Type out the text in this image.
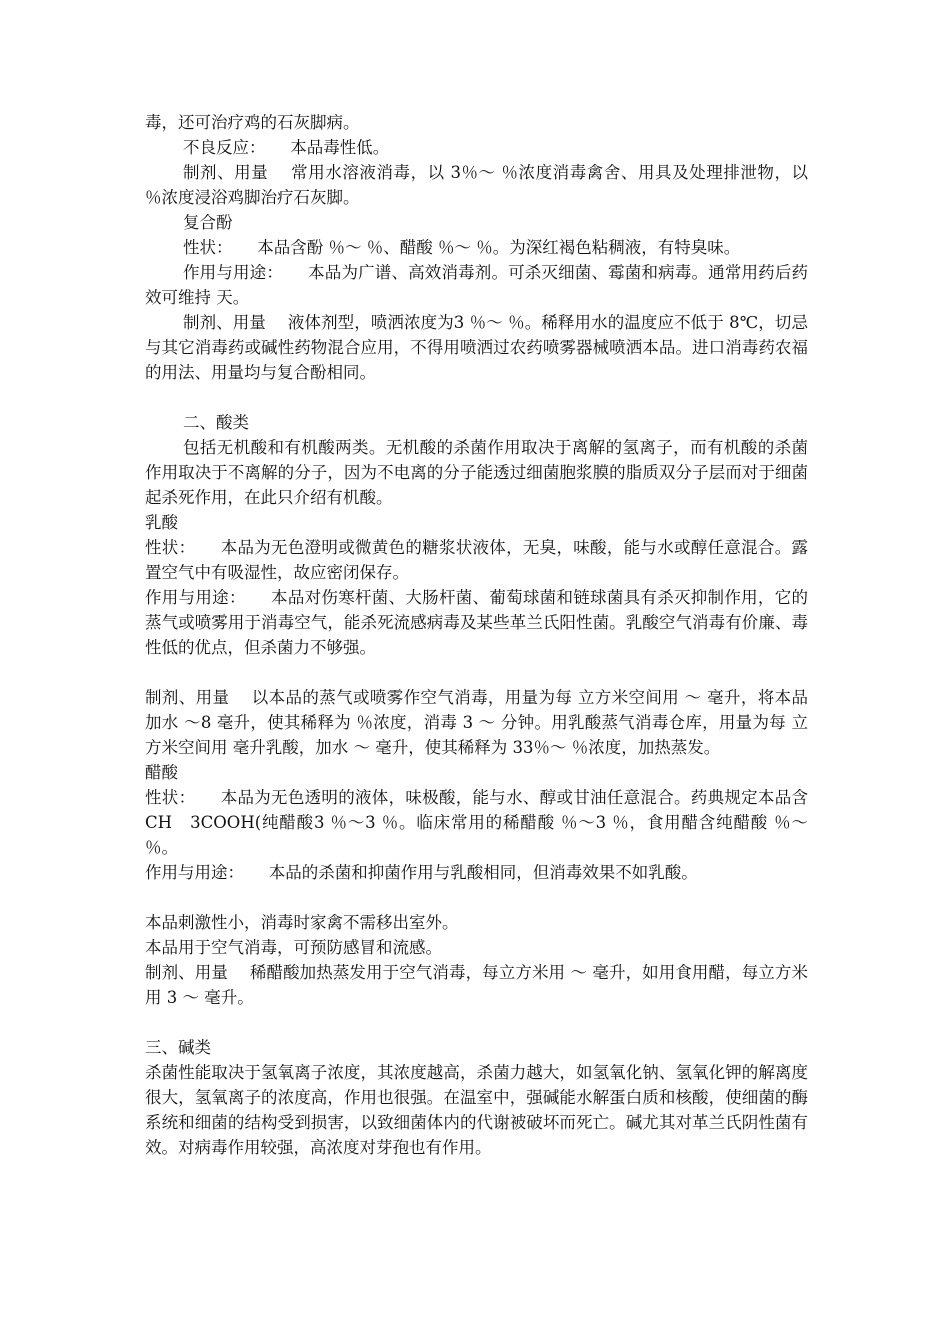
毒，还可治疗鸡的石灰脚病。

不良反应：　　本品毒性低。

制剂、用量 　常用水溶液消毒，以 3％～ ％浓度消毒禽舍、用具及处理排泄物，以 ％浓度浸浴鸡脚治疗石灰脚。

复合酚

性状：　　本品含酚 ％～ ％、醋酸 ％～ ％。为深红褐色粘稠液，有特臭味。

作用与用途：　　本品为广谱、高效消毒剂。可杀灭细菌、霉菌和病毒。通常用药后药效可维持 天。

制剂、用量 　液体剂型，喷洒浓度为3 ％～ ％。稀释用水的温度应不低于 8℃，切忌与其它消毒药或碱性药物混合应用，不得用喷洒过农药喷雾器械喷洒本品。进口消毒药农福的用法、用量均与复合酚相同。

二、酸类

包括无机酸和有机酸两类。无机酸的杀菌作用取决于离解的氢离子，而有机酸的杀菌作用取决于不离解的分子，因为不电离的分子能透过细菌胞浆膜的脂质双分子层而对于细菌起杀死作用，在此只介绍有机酸。

乳酸

性状：　　本品为无色澄明或微黄色的糖浆状液体，无臭，味酸，能与水或醇任意混合。露置空气中有吸湿性，故应密闭保存。

作用与用途：　　本品对伤寒杆菌、大肠杆菌、葡萄球菌和链球菌具有杀灭抑制作用，它的蒸气或喷雾用于消毒空气，能杀死流感病毒及某些革兰氏阳性菌。乳酸空气消毒有价廉、毒性低的优点，但杀菌力不够强。

制剂、用量 　以本品的蒸气或喷雾作空气消毒，用量为每 立方米空间用 ～ 毫升，将本品加水 ～8 毫升，使其稀释为 ％浓度，消毒 3 ～ 分钟。用乳酸蒸气消毒仓库，用量为每 立方米空间用 毫升乳酸，加水 ～ 毫升，使其稀释为 33％～ ％浓度，加热蒸发。

醋酸

性状：　　本品为无色透明的液体，味极酸，能与水、醇或甘油任意混合。药典规定本品含 CH　3COOH(纯醋酸3 ％～3 ％。临床常用的稀醋酸 ％～3 ％，食用醋含纯醋酸 ％～ ％。

作用与用途：　　本品的杀菌和抑菌作用与乳酸相同，但消毒效果不如乳酸。

本品刺激性小，消毒时家禽不需移出室外。

本品用于空气消毒，可预防感冒和流感。

制剂、用量 　稀醋酸加热蒸发用于空气消毒，每立方米用 ～ 毫升，如用食用醋，每立方米用 3 ～ 毫升。

三、碱类

杀菌性能取决于氢氧离子浓度，其浓度越高，杀菌力越大，如氢氧化钠、氢氧化钾的解离度很大，氢氧离子的浓度高，作用也很强。在温室中，强碱能水解蛋白质和核酸，使细菌的酶系统和细菌的结构受到损害，以致细菌体内的代谢被破坏而死亡。碱尤其对革兰氏阴性菌有效。对病毒作用较强，高浓度对芽孢也有作用。
